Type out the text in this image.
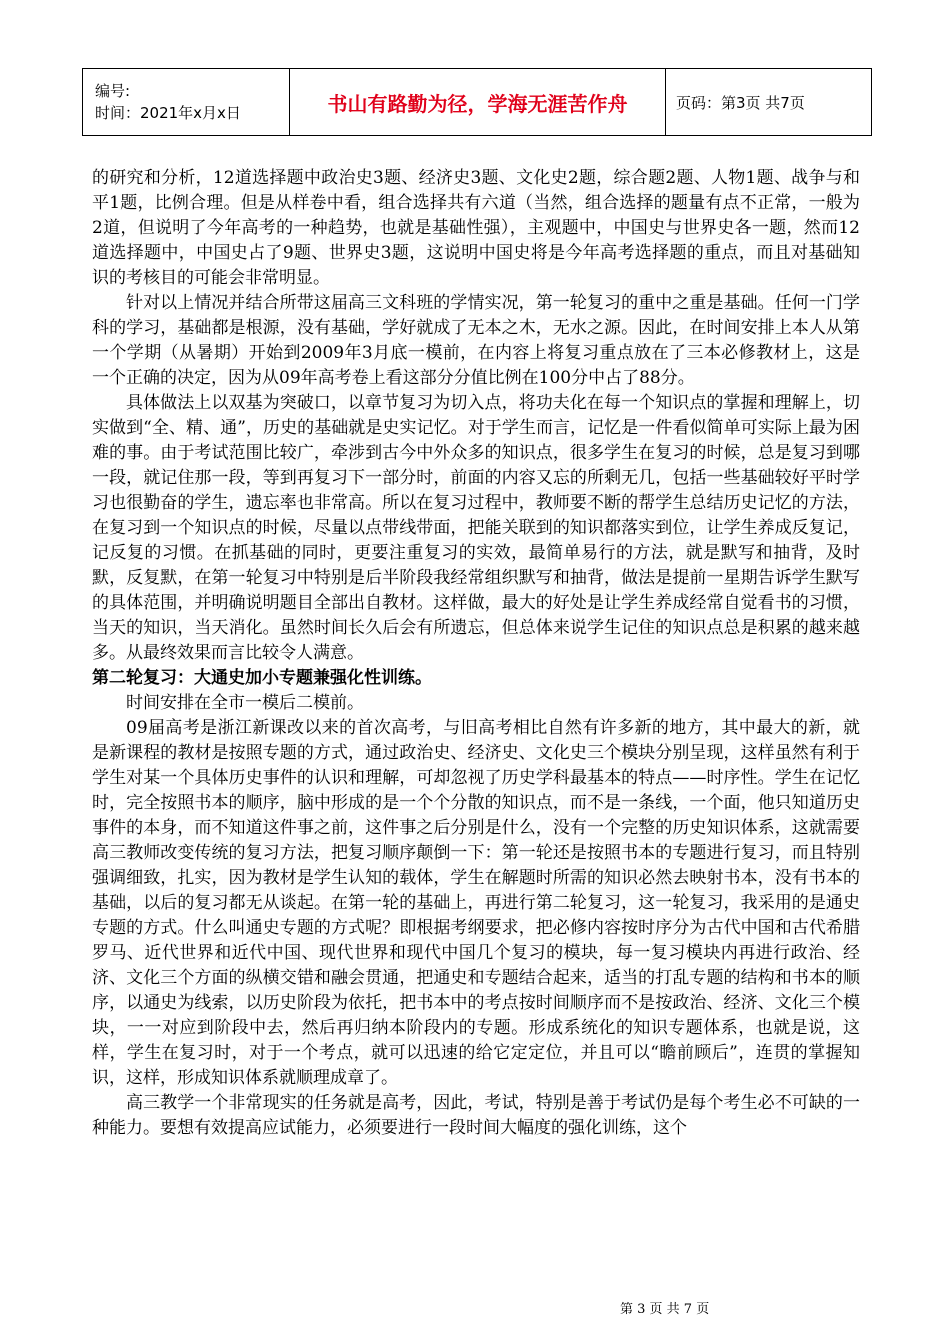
编号:
时间：2021年x月x日	书山有路勤为径，学海无涯苦作舟	页码：第3页 共7页

的研究和分析，12道选择题中政治史3题、经济史3题、文化史2题，综合题2题、人物1题、战争与和平1题，比例合理。但是从样卷中看，组合选择共有六道（当然，组合选择的题量有点不正常，一般为2道，但说明了今年高考的一种趋势，也就是基础性强），主观题中，中国史与世界史各一题，然而12道选择题中，中国史占了9题、世界史3题，这说明中国史将是今年高考选择题的重点，而且对基础知识的考核目的可能会非常明显。

针对以上情况并结合所带这届高三文科班的学情实况，第一轮复习的重中之重是基础。任何一门学科的学习，基础都是根源，没有基础，学好就成了无本之木，无水之源。因此，在时间安排上本人从第一个学期（从暑期）开始到2009年3月底一模前，在内容上将复习重点放在了三本必修教材上，这是一个正确的决定，因为从09年高考卷上看这部分分值比例在100分中占了88分。

具体做法上以双基为突破口，以章节复习为切入点，将功夫化在每一个知识点的掌握和理解上，切实做到“全、精、通”，历史的基础就是史实记忆。对于学生而言，记忆是一件看似简单可实际上最为困难的事。由于考试范围比较广，牵涉到古今中外众多的知识点，很多学生在复习的时候，总是复习到哪一段，就记住那一段，等到再复习下一部分时，前面的内容又忘的所剩无几，包括一些基础较好平时学习也很勤奋的学生，遗忘率也非常高。所以在复习过程中，教师要不断的帮学生总结历史记忆的方法，在复习到一个知识点的时候，尽量以点带线带面，把能关联到的知识都落实到位，让学生养成反复记，记反复的习惯。在抓基础的同时，更要注重复习的实效，最简单易行的方法，就是默写和抽背，及时默，反复默，在第一轮复习中特别是后半阶段我经常组织默写和抽背，做法是提前一星期告诉学生默写的具体范围，并明确说明题目全部出自教材。这样做，最大的好处是让学生养成经常自觉看书的习惯，当天的知识，当天消化。虽然时间长久后会有所遗忘，但总体来说学生记住的知识点总是积累的越来越多。从最终效果而言比较令人满意。

第二轮复习：大通史加小专题兼强化性训练。

时间安排在全市一模后二模前。

09届高考是浙江新课改以来的首次高考，与旧高考相比自然有许多新的地方，其中最大的新，就是新课程的教材是按照专题的方式，通过政治史、经济史、文化史三个模块分别呈现，这样虽然有利于学生对某一个具体历史事件的认识和理解，可却忽视了历史学科最基本的特点——时序性。学生在记忆时，完全按照书本的顺序，脑中形成的是一个个分散的知识点，而不是一条线，一个面，他只知道历史事件的本身，而不知道这件事之前，这件事之后分别是什么，没有一个完整的历史知识体系，这就需要高三教师改变传统的复习方法，把复习顺序颠倒一下：第一轮还是按照书本的专题进行复习，而且特别强调细致，扎实，因为教材是学生认知的载体，学生在解题时所需的知识必然去映射书本，没有书本的基础，以后的复习都无从谈起。在第一轮的基础上，再进行第二轮复习，这一轮复习，我采用的是通史专题的方式。什么叫通史专题的方式呢？即根据考纲要求，把必修内容按时序分为古代中国和古代希腊罗马、近代世界和近代中国、现代世界和现代中国几个复习的模块，每一复习模块内再进行政治、经济、文化三个方面的纵横交错和融会贯通，把通史和专题结合起来，适当的打乱专题的结构和书本的顺序，以通史为线索，以历史阶段为依托，把书本中的考点按时间顺序而不是按政治、经济、文化三个模块，一一对应到阶段中去，然后再归纳本阶段内的专题。形成系统化的知识专题体系，也就是说，这样，学生在复习时，对于一个考点，就可以迅速的给它定定位，并且可以“瞻前顾后”，连贯的掌握知识，这样，形成知识体系就顺理成章了。

高三教学一个非常现实的任务就是高考，因此，考试，特别是善于考试仍是每个考生必不可缺的一种能力。要想有效提高应试能力，必须要进行一段时间大幅度的强化训练，这个

第 3 页 共 7 页
